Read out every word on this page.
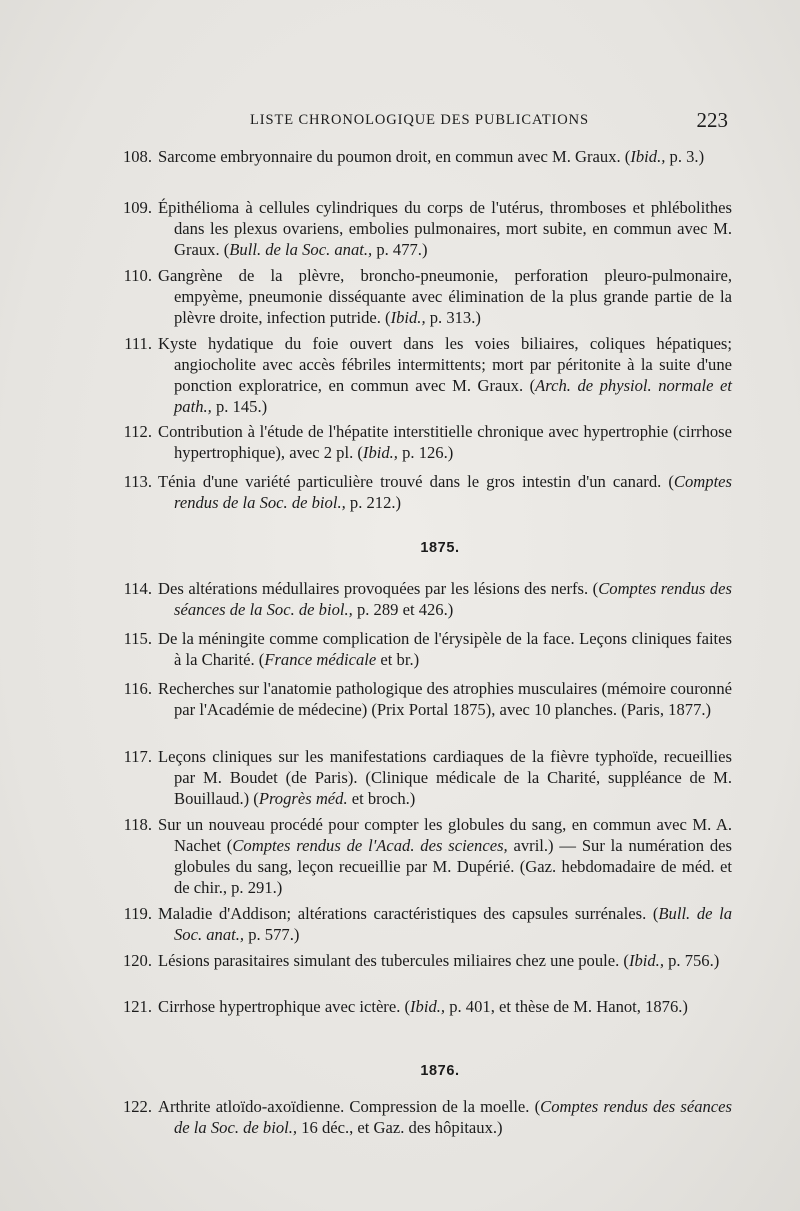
LISTE CHRONOLOGIQUE DES PUBLICATIONS	223
108. Sarcome embryonnaire du poumon droit, en commun avec M. Graux. (Ibid., p. 3.)
109. Épithélioma à cellules cylindriques du corps de l'utérus, thromboses et phlébolithes dans les plexus ovariens, embolies pulmonaires, mort subite, en commun avec M. Graux. (Bull. de la Soc. anat., p. 477.)
110. Gangrène de la plèvre, broncho-pneumonie, perforation pleuro-pulmonaire, empyème, pneumonie disséquante avec élimination de la plus grande partie de la plèvre droite, infection putride. (Ibid., p. 313.)
111. Kyste hydatique du foie ouvert dans les voies biliaires, coliques hépatiques; angiocholite avec accès fébriles intermittents; mort par péritonite à la suite d'une ponction exploratrice, en commun avec M. Graux. (Arch. de physiol. normale et path., p. 145.)
112. Contribution à l'étude de l'hépatite interstitielle chronique avec hypertrophie (cirrhose hypertrophique), avec 2 pl. (Ibid., p. 126.)
113. Ténia d'une variété particulière trouvé dans le gros intestin d'un canard. (Comptes rendus de la Soc. de biol., p. 212.)
1875.
114. Des altérations médullaires provoquées par les lésions des nerfs. (Comptes rendus des séances de la Soc. de biol., p. 289 et 426.)
115. De la méningite comme complication de l'érysipèle de la face. Leçons cliniques faites à la Charité. (France médicale et br.)
116. Recherches sur l'anatomie pathologique des atrophies musculaires (mémoire couronné par l'Académie de médecine) (Prix Portal 1875), avec 10 planches. (Paris, 1877.)
117. Leçons cliniques sur les manifestations cardiaques de la fièvre typhoïde, recueillies par M. Boudet (de Paris). (Clinique médicale de la Charité, suppléance de M. Bouillaud.) (Progrès méd. et broch.)
118. Sur un nouveau procédé pour compter les globules du sang, en commun avec M. A. Nachet (Comptes rendus de l'Acad. des sciences, avril.) — Sur la numération des globules du sang, leçon recueillie par M. Dupérié. (Gaz. hebdomadaire de méd. et de chir., p. 291.)
119. Maladie d'Addison; altérations caractéristiques des capsules surrénales. (Bull. de la Soc. anat., p. 577.)
120. Lésions parasitaires simulant des tubercules miliaires chez une poule. (Ibid., p. 756.)
121. Cirrhose hypertrophique avec ictère. (Ibid., p. 401, et thèse de M. Hanot, 1876.)
1876.
122. Arthrite atloïdo-axoïdienne. Compression de la moelle. (Comptes rendus des séances de la Soc. de biol., 16 déc., et Gaz. des hôpitaux.)
